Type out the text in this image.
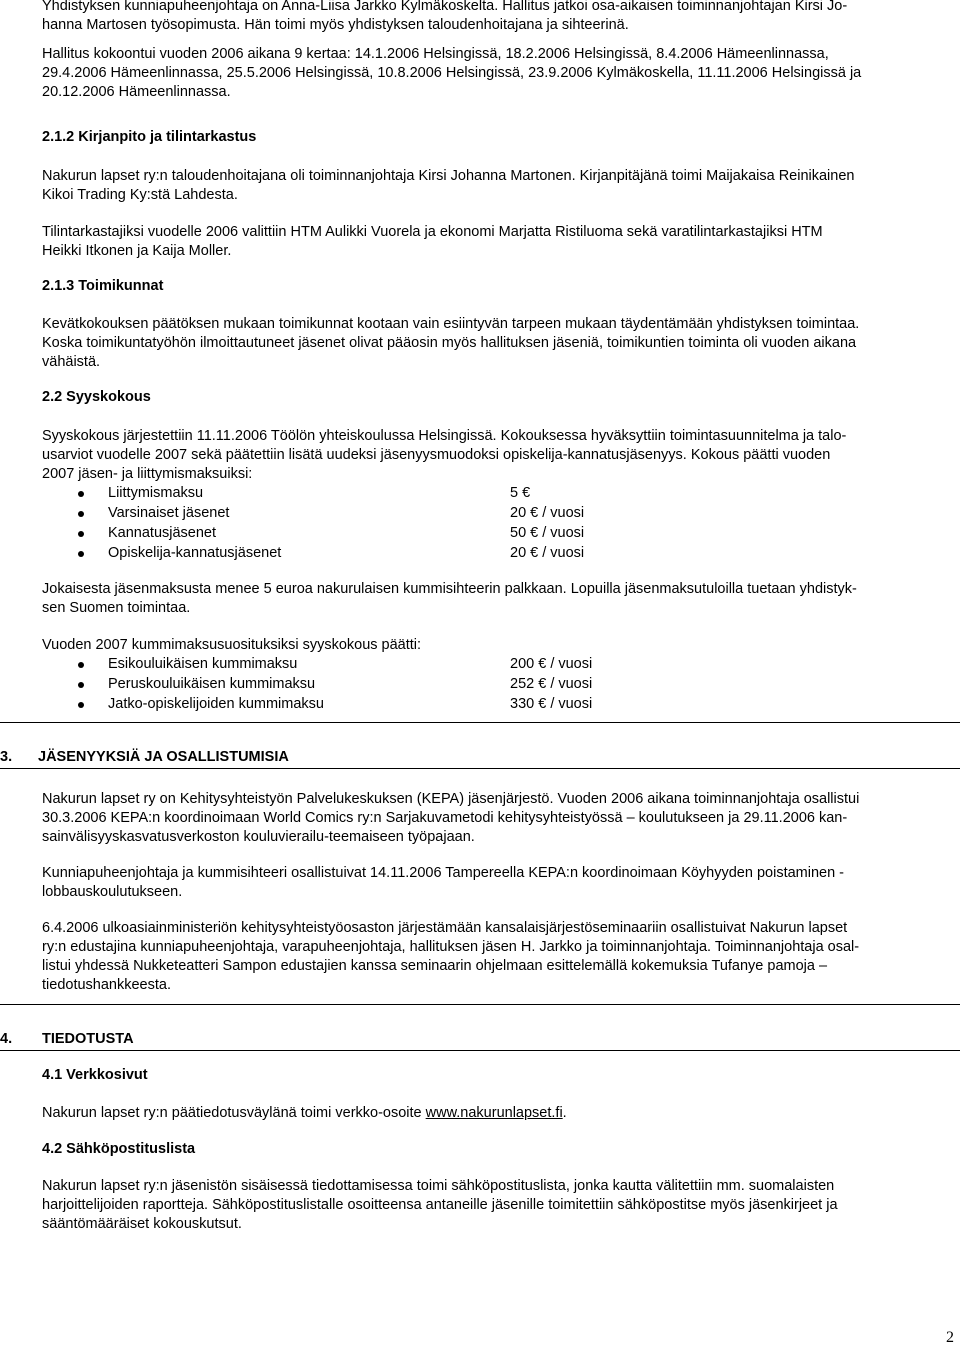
Yhdistyksen kunniapuheenjohtaja on Anna-Liisa Jarkko Kylmäkoskelta. Hallitus jatkoi osa-aikaisen toiminnanjohtajan Kirsi Jo-

hanna Martosen työsopimusta. Hän toimi myös yhdistyksen taloudenhoitajana ja sihteerinä.

Hallitus kokoontui vuoden 2006 aikana 9 kertaa: 14.1.2006 Helsingissä, 18.2.2006 Helsingissä, 8.4.2006 Hämeenlinnassa,

29.4.2006 Hämeenlinnassa, 25.5.2006 Helsingissä, 10.8.2006 Helsingissä, 23.9.2006 Kylmäkoskella, 11.11.2006 Helsingissä ja

20.12.2006 Hämeenlinnassa.

2.1.2 Kirjanpito ja tilintarkastus

Nakurun lapset ry:n taloudenhoitajana oli toiminnanjohtaja Kirsi Johanna Martonen. Kirjanpitäjänä toimi Maijakaisa Reinikainen

Kikoi Trading Ky:stä Lahdesta.

Tilintarkastajiksi vuodelle 2006 valittiin HTM Aulikki Vuorela ja ekonomi Marjatta Ristiluoma sekä varatilintarkastajiksi HTM

Heikki Itkonen ja Kaija Moller.

2.1.3 Toimikunnat

Kevätkokouksen päätöksen mukaan toimikunnat kootaan vain esiintyvän tarpeen mukaan täydentämään yhdistyksen toimintaa.

Koska toimikuntatyöhön ilmoittautuneet jäsenet olivat pääosin myös hallituksen jäseniä, toimikuntien toiminta oli vuoden aikana

vähäistä.

2.2 Syyskokous

Syyskokous järjestettiin 11.11.2006 Töölön yhteiskoulussa Helsingissä. Kokouksessa hyväksyttiin toimintasuunnitelma ja talo-

usarviot vuodelle 2007 sekä päätettiin lisätä uudeksi jäsenyysmuodoksi opiskelija-kannatusjäsenyys. Kokous päätti vuoden

2007 jäsen- ja liittymismaksuiksi:

Liittymismaksu	5 €
Varsinaiset jäsenet	20 € / vuosi
Kannatusjäsenet	50 € / vuosi
Opiskelija-kannatusjäsenet	20 € / vuosi

Jokaisesta jäsenmaksusta menee 5 euroa nakurulaisen kummisihteerin palkkaan. Lopuilla jäsenmaksutuloilla tuetaan yhdistyk-

sen Suomen toimintaa.

Vuoden 2007 kummimaksusuosituksiksi syyskokous päätti:

Esikouluikäisen kummimaksu	200 € / vuosi
Peruskouluikäisen kummimaksu	252 € / vuosi
Jatko-opiskelijoiden kummimaksu	330 € / vuosi
3. JÄSENYYKSIÄ JA OSALLISTUMISIA

Nakurun lapset ry on Kehitysyhteistyön Palvelukeskuksen (KEPA) jäsenjärjestö. Vuoden 2006 aikana toiminnanjohtaja osallistui

30.3.2006 KEPA:n koordinoimaan World Comics ry:n Sarjakuvametodi kehitysyhteistyössä – koulutukseen ja 29.11.2006 kan-

sainvälisyyskasvatusverkoston kouluvierailu-teemaiseen työpajaan.

Kunniapuheenjohtaja ja kummisihteeri osallistuivat 14.11.2006 Tampereella KEPA:n koordinoimaan Köyhyyden poistaminen -

lobbauskoulutukseen.

6.4.2006 ulkoasiainministeriön kehitysyhteistyöosaston järjestämään kansalaisjärjestöseminaariin osallistuivat Nakurun lapset

ry:n edustajina kunniapuheenjohtaja, varapuheenjohtaja, hallituksen jäsen H. Jarkko ja toiminnanjohtaja. Toiminnanjohtaja osal-

listui yhdessä Nukketeatteri Sampon edustajien kanssa seminaarin ohjelmaan esittelemällä kokemuksia Tufanye pamoja –

tiedotushankkeesta.

4. TIEDOTUSTA

4.1 Verkkosivut

Nakurun lapset ry:n päätiedotusväylänä toimi verkko-osoite www.nakurunlapset.fi.

4.2 Sähköpostituslista

Nakurun lapset ry:n jäsenistön sisäisessä tiedottamisessa toimi sähköpostituslista, jonka kautta välitettiin mm. suomalaisten

harjoittelijoiden raportteja. Sähköpostituslistalle osoitteensa antaneille jäsenille toimitettiin sähköpostitse myös jäsenkirjeet ja

sääntömääräiset kokouskutsut.

2
